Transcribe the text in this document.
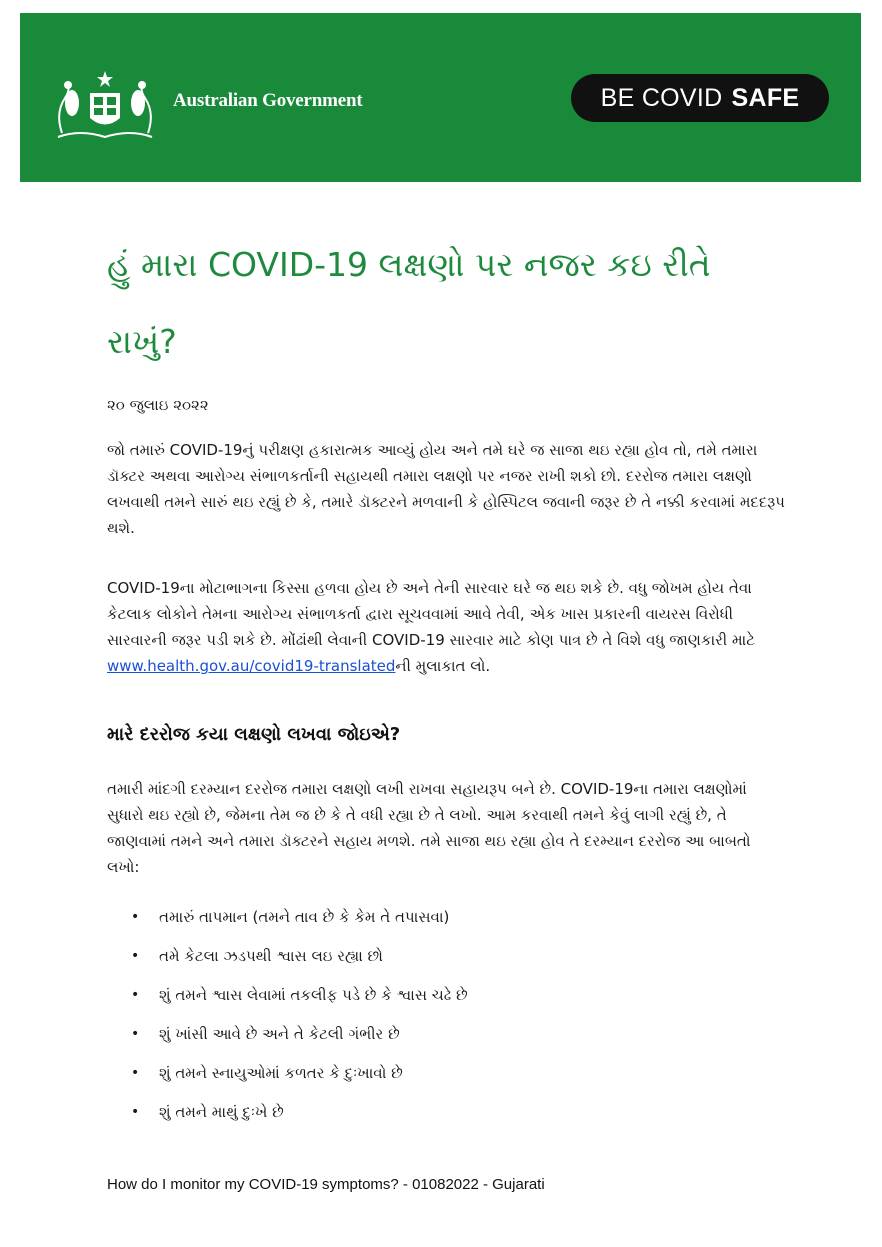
Australian Government	BE COVID SAFE
હું મારા COVID-19 લક્ષણો પર નજર કઇ રીતે રાખું?
૨૦ જુલાઇ ૨૦૨૨

જો તમારું COVID-19નું પરીક્ષણ હકારાત્મક આવ્યું હોય અને તમે ઘરે જ સાજા થઇ રહ્યા હોવ તો, તમે તમારા ડૉક્ટર અથવા આરોગ્ય સંભાળકર્તાની સહાયથી તમારા લક્ષણો પર નજર રાખી શકો છો. દરરોજ તમારા લક્ષણો લખવાથી તમને સારું થઇ રહ્યું છે કે, તમારે ડૉક્ટરને મળવાની કે હોસ્પિટલ જવાની જરૂર છે તે નક્કી કરવામાં મદદરૂપ થશે.

COVID-19ના મોટાભાગના કિસ્સા હળવા હોય છે અને તેની સારવાર ઘરે જ થઇ શકે છે. વધુ જોખમ હોય તેવા કેટલાક લોકોને તેમના આરોગ્ય સંભાળકર્તા દ્વારા સૂચવવામાં આવે તેવી, એક ખાસ પ્રકારની વાયરસ વિરોધી સારવારની જરૂર પડી શકે છે. મોંઢાંથી લેવાની COVID-19 સારવાર માટે કોણ પાત્ર છે તે વિશે વધુ જાણકારી માટે www.health.gov.au/covid19-translatedની મુલાકાત લો.

મારે દરરોજ કયા લક્ષણો લખવા જોઇએ?

તમારી માંદગી દરમ્યાન દરરોજ તમારા લક્ષણો લખી રાખવા સહાયરૂપ બને છે. COVID-19ના તમારા લક્ષણોમાં સુધારો થઇ રહ્યો છે, જેમના તેમ જ છે કે તે વધી રહ્યા છે તે લખો. આમ કરવાથી તમને કેવું લાગી રહ્યું છે, તે જાણવામાં તમને અને તમારા ડૉક્ટરને સહાય મળશે. તમે સાજા થઇ રહ્યા હોવ તે દરમ્યાન દરરોજ આ બાબતો લખો:

• તમારું તાપમાન (તમને તાવ છે કે કેમ તે તપાસવા)
• તમે કેટલા ઝડપથી શ્વાસ લઇ રહ્યા છો
• શું તમને શ્વાસ લેવામાં તકલીફ પડે છે કે શ્વાસ ચઢે છે
• શું ખાંસી આવે છે અને તે કેટલી ગંભીર છે
• શું તમને સ્નાયુઓમાં કળતર કે દુઃખાવો છે
• શું તમને માથું દુઃખે છે
How do I monitor my COVID-19 symptoms? - 01082022 - Gujarati
